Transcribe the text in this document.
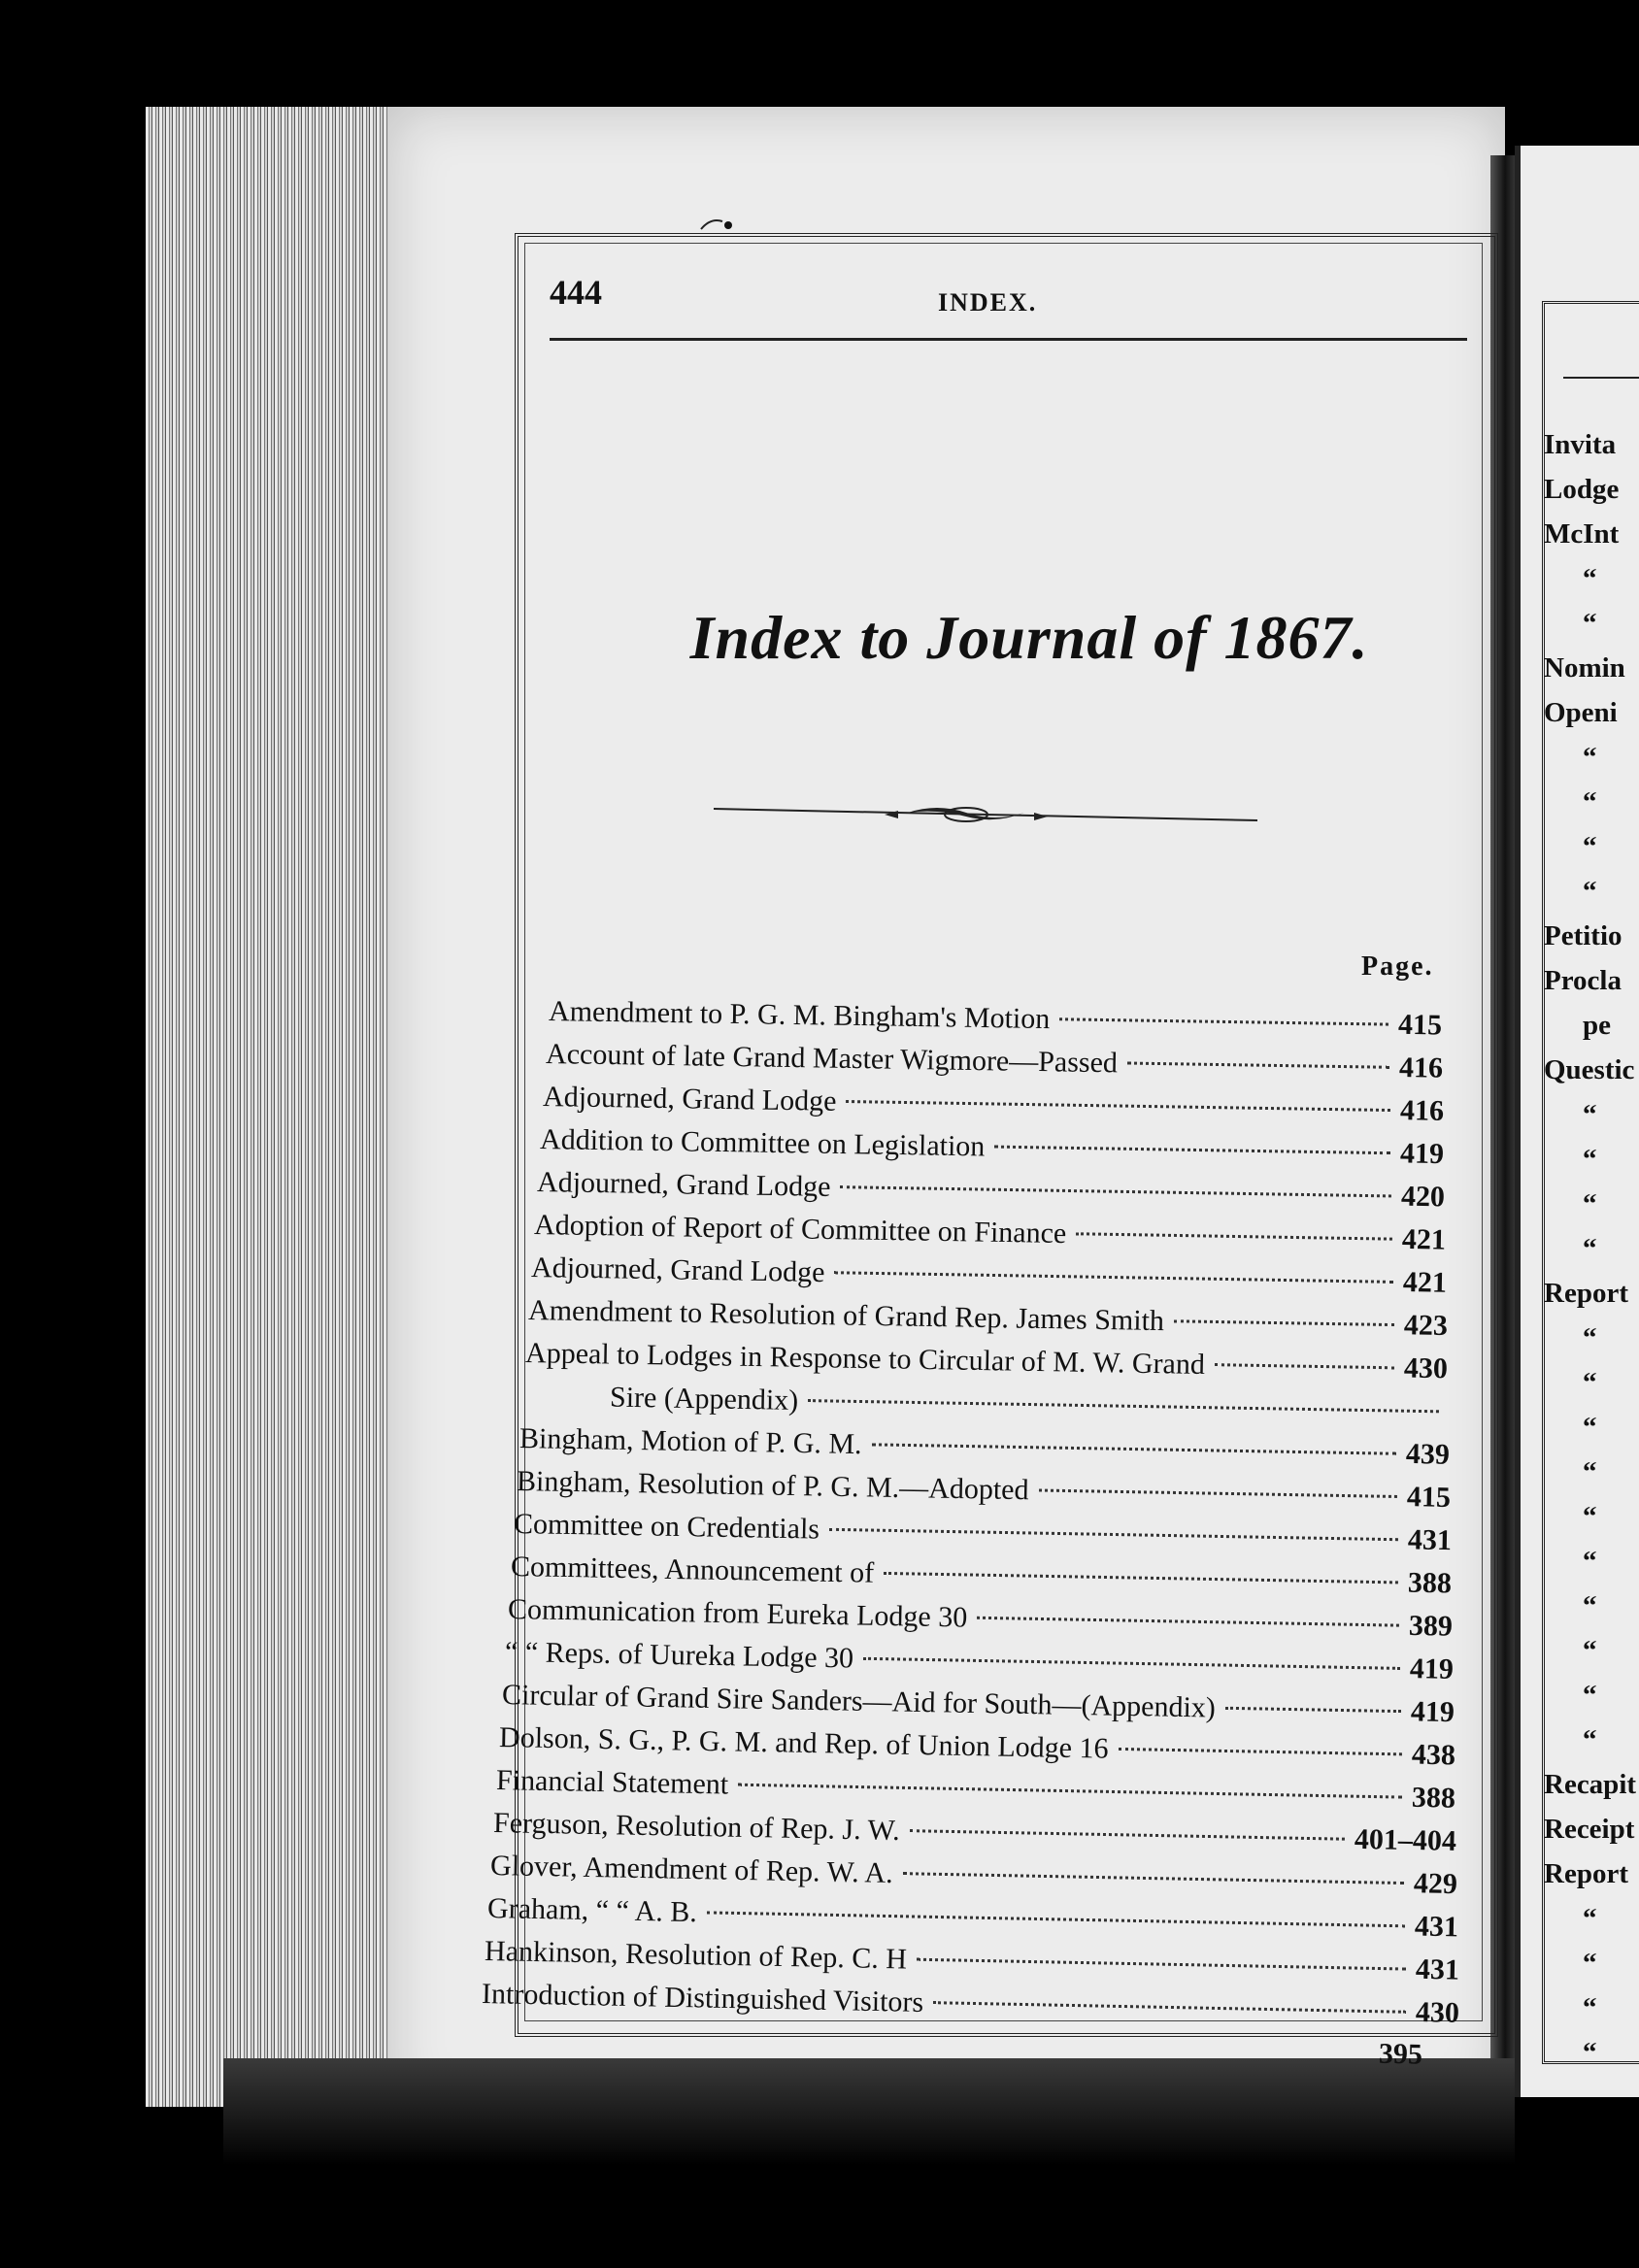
Invita
Lodge
McInt
“
“
Nomin
Openi
“
“
“
“
Petitio
Procla
pe
Questic
“
“
“
“
Report
“
“
“
“
“
“
“
“
“
“
Recapit
Receipt
Report
“
“
“
“
444	INDEX.
Index to Journal of 1867.
Page.
Amendment to P. G. M. Bingham's Motion	415
Account of late Grand Master Wigmore—Passed	416
Adjourned, Grand Lodge	416
Addition to Committee on Legislation	419
Adjourned, Grand Lodge	420
Adoption of Report of Committee on Finance	421
Adjourned, Grand Lodge	421
Amendment to Resolution of Grand Rep. James Smith	423
Appeal to Lodges in Response to Circular of M. W. Grand	430
Sire (Appendix)
Bingham, Motion of P. G. M.	439
Bingham, Resolution of P. G. M.—Adopted	415
Committee on Credentials	431
Committees, Announcement of	388
Communication from Eureka Lodge 30	389
“ “ Reps. of Uureka Lodge 30	419
Circular of Grand Sire Sanders—Aid for South—(Appendix)	419
Dolson, S. G., P. G. M. and Rep. of Union Lodge 16	438
Financial Statement	388
Ferguson, Resolution of Rep. J. W.	401–404
Glover, Amendment of Rep. W. A.	429
Graham, “ “ A. B.	431
Hankinson, Resolution of Rep. C. H	431
Introduction of Distinguished Visitors	430
395
